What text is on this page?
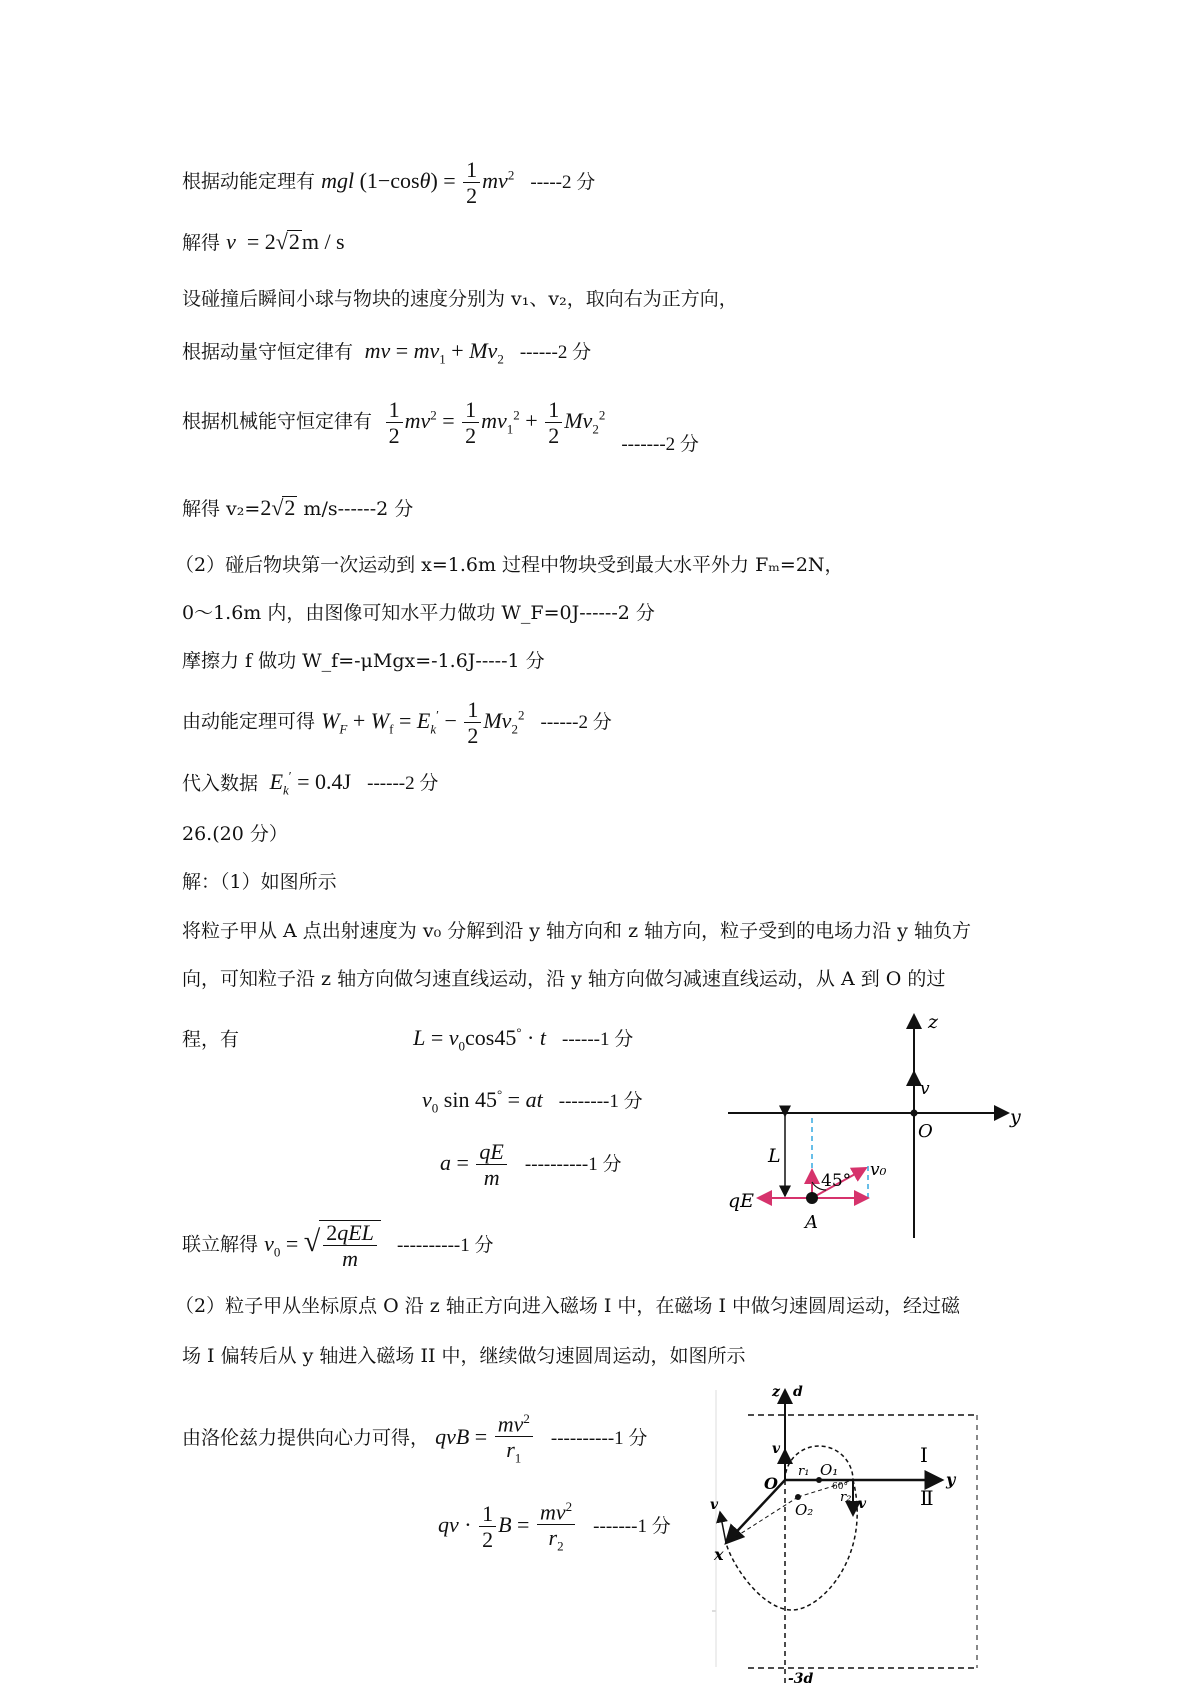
根据动能定理有 mgl $(1-\cos\theta) = \frac{1}{2} mv^2$ -----2 分
解得 v  = 2√2m / s
设碰撞后瞬间小球与物块的速度分别为 v₁、v₂，取向右为正方向，
根据动量守恒定律有 mv = $mv_1 + Mv_2$ ------2 分
根据机械能守恒定律有 $\frac{1}{2} mv^2 = \frac{1}{2} mv_1^2 + \frac{1}{2} Mv_2^2$ -------2 分
解得 v₂=2√2 m/s------2 分
（2）碰后物块第一次运动到 x=1.6m 过程中物块受到最大水平外力 Fₘ=2N，
0～1.6m 内，由图像可知水平力做功 W_F=0J------2 分
摩擦力 f 做功 W_f=-μMgx=-1.6J-----1 分
由动能定理可得 $W_F + W_f = E_k' - \frac{1}{2} Mv_2^2$ ------2 分
代入数据 $E_k' = 0.4J$ ------2 分
26.(20 分）
解：（1）如图所示
将粒子甲从 A 点出射速度为 v₀ 分解到沿 y 轴方向和 z 轴方向，粒子受到的电场力沿 y 轴负方
向，可知粒子沿 z 轴方向做匀速直线运动，沿 y 轴方向做匀减速直线运动，从 A 到 O 的过
程，有	$L = v_0\cos 45^\circ \cdot t$ ------1 分
$v_0$ sin 45° = at --------1 分
$a = \frac{qE}{m} ----------1$ 分
联立解得 $v_0$ = √ $\frac{\text{2qEL}}{m} ----------1$ 分
（2）粒子甲从坐标原点 O 沿 z 轴正方向进入磁场 I 中，在磁场 I 中做匀速圆周运动，经过磁
场 I 偏转后从 y 轴进入磁场 II 中，继续做匀速圆周运动，如图所示
由洛伦兹力提供向心力可得， qvB = $\frac{mv^2}{r_1} ----------1$ 分
qv · $\frac{1}{2}$ $B = \frac{mv^2}{r_2} -------1$ 分
z
y
O
v
L
45°
v₀
qE
A
z d
y
O
O₁
O₂
r₁
r₂
60°
v
v
v
x
Ⅰ
Ⅱ
-3d
